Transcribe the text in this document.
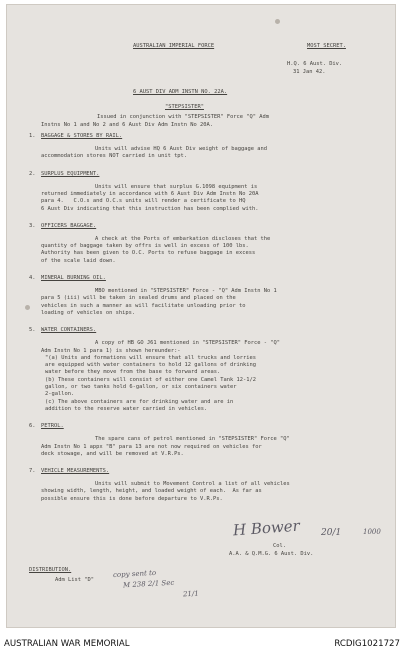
AUSTRALIAN IMPERIAL FORCE	MOST SECRET.
H.Q. 6 Aust. Div.
31 Jan 42.
6 AUST DIV ADM INSTN NO. 22A.
"STEPSISTER"
Issued in conjunction with "STEPSISTER" Force "Q" Adm
Instns No 1 and No 2 and 6 Aust Div Adm Instn No 20A.
1. BAGGAGE & STORES BY RAIL.
Units will advise HQ 6 Aust Div weight of baggage and
accommodation stores NOT carried in unit tpt.
2. SURPLUS EQUIPMENT.
Units will ensure that surplus G.1098 equipment is
returned immediately in accordance with 6 Aust Div Adm Instn No 20A
para 4.   C.O.s and O.C.s units will render a certificate to HQ
6 Aust Div indicating that this instruction has been complied with.
3. OFFICERS BAGGAGE.
A check at the Ports of embarkation discloses that the
quantity of baggage taken by offrs is well in excess of 100 lbs.
Authority has been given to O.C. Ports to refuse baggage in excess
of the scale laid down.
4. MINERAL BURNING OIL.
MBO mentioned in "STEPSISTER" Force - "Q" Adm Instn No 1
para 5 (iii) will be taken in sealed drums and placed on the
vehicles in such a manner as will facilitate unloading prior to
loading of vehicles on ships.
5. WATER CONTAINERS.
A copy of HB GO J61 mentioned in "STEPSISTER" Force - "Q"
Adm Instn No 1 para 1) is shown hereunder:-
"(a) Units and formations will ensure that all trucks and lorries
are equipped with water containers to hold 12 gallons of drinking
water before they move from the base to forward areas.
(b) These containers will consist of either one Camel Tank 12-1/2
gallon, or two tanks hold 6-gallon, or six containers water
2-gallon.
(c) The above containers are for drinking water and are in
addition to the reserve water carried in vehicles.
6. PETROL.
The spare cans of petrol mentioned in "STEPSISTER" Force "Q"
Adm Instn No 1 appx "B" para 13 are not now required on vehicles for
deck stowage, and will be removed at V.R.Ps.
7. VEHICLE MEASUREMENTS.
Units will submit to Movement Control a list of all vehicles
showing width, length, height, and loaded weight of each.  As far as
possible ensure this is done before departure to V.R.Ps.
Col.
A.A. & Q.M.G. 6 Aust. Div.
DISTRIBUTION.
Adm List "D"
H Bower 20/1	1000
copy sent to
M 238 2/1 Sec
21/1
AUSTRALIAN WAR MEMORIAL	RCDIG1021727
